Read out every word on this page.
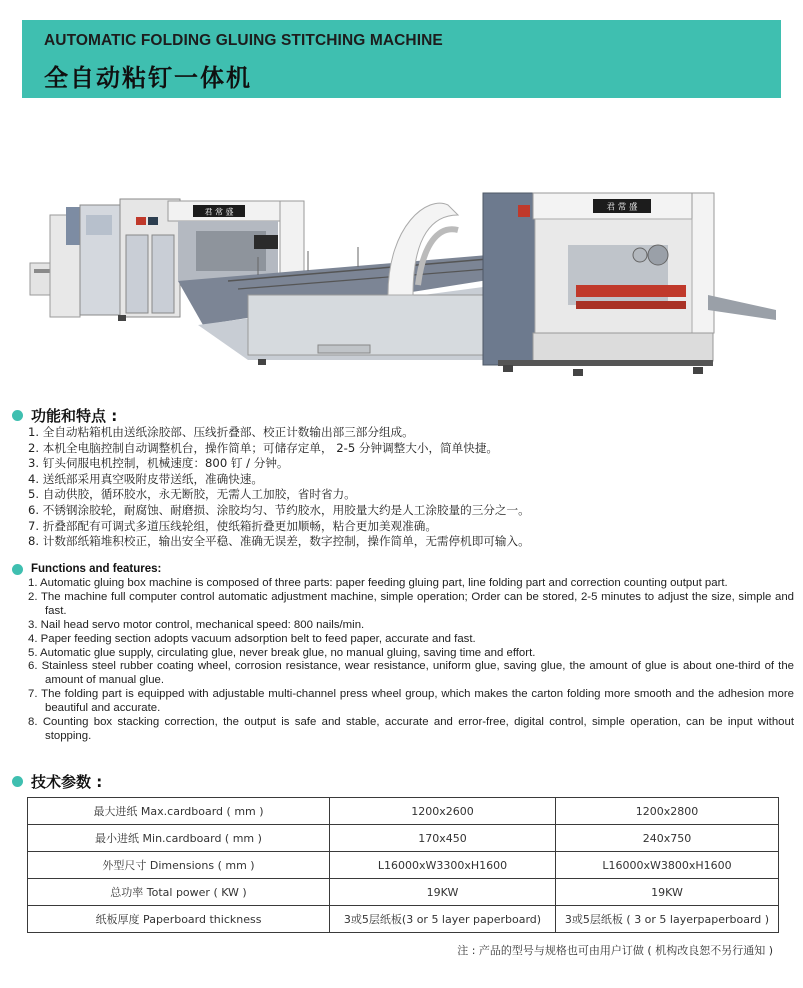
AUTOMATIC FOLDING GLUING STITCHING MACHINE
全自动粘钉一体机
君 常 盛	君 常 盛
功能和特点 :
1. 全自动粘箱机由送纸涂胶部、压线折叠部、校正计数输出部三部分组成。
2. 本机全电脑控制自动调整机台，操作简单；可储存定单， 2-5 分钟调整大小，简单快捷。
3. 钉头伺服电机控制，机械速度：800 钉 / 分钟。
4. 送纸部采用真空吸附皮带送纸，准确快速。
5. 自动供胶，循环胶水，永无断胶，无需人工加胶，省时省力。
6. 不锈钢涂胶轮，耐腐蚀、耐磨损、涂胶均匀、节约胶水，用胶量大约是人工涂胶量的三分之一。
7. 折叠部配有可调式多道压线轮组，使纸箱折叠更加顺畅，粘合更加美观准确。
8. 计数部纸箱堆积校正，输出安全平稳、准确无误差，数字控制，操作简单，无需停机即可输入。
Functions and features:
1. Automatic gluing box machine is composed of three parts: paper feeding gluing part, line folding part and correction counting output part.
2. The machine full computer control automatic adjustment machine, simple operation; Order can be stored, 2-5 minutes to adjust the size, simple and fast.
3. Nail head servo motor control, mechanical speed: 800 nails/min.
4. Paper feeding section adopts vacuum adsorption belt to feed paper, accurate and fast.
5. Automatic glue supply, circulating glue, never break glue, no manual gluing, saving time and effort.
6. Stainless steel rubber coating wheel, corrosion resistance, wear resistance, uniform glue, saving glue, the amount of glue is about one-third of the amount of manual glue.
7. The folding part is equipped with adjustable multi-channel press wheel group, which makes the carton folding more smooth and the adhesion more beautiful and accurate.
8. Counting box stacking correction, the output is safe and stable, accurate and error-free, digital control, simple operation, can be input without stopping.
技术参数 :
最大进纸 Max.cardboard ( mm )	1200x2600	1200x2800
最小进纸 Min.cardboard ( mm )	170x450	240x750
外型尺寸 Dimensions ( mm )	L16000xW3300xH1600	L16000xW3800xH1600
总功率 Total power ( KW )	19KW	19KW
纸板厚度 Paperboard thickness	3或5层纸板(3 or 5 layer paperboard)	3或5层纸板 ( 3 or 5 layerpaperboard )
注 : 产品的型号与规格也可由用户订做 ( 机构改良恕不另行通知 )
